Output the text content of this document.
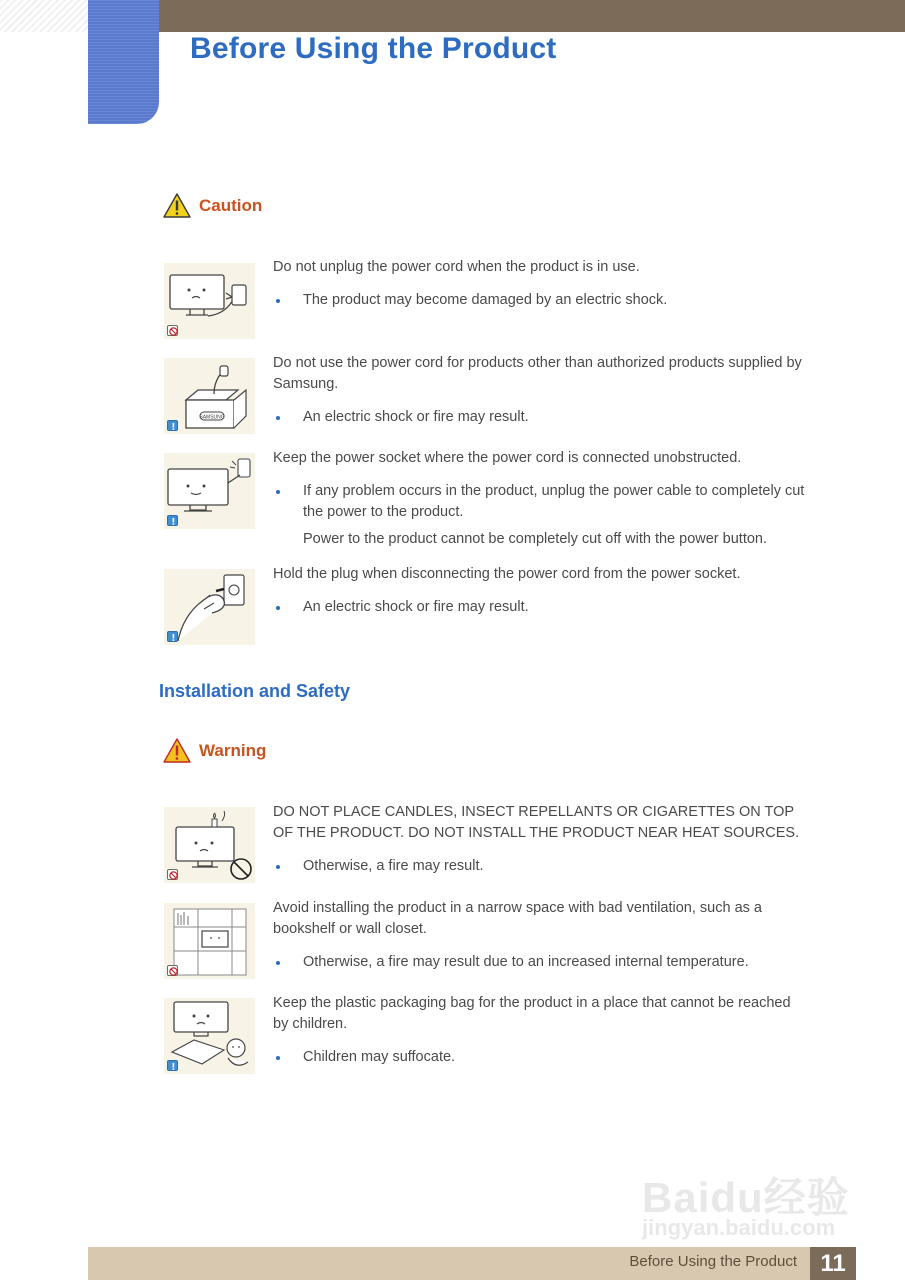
Before Using the Product
Caution

Do not unplug the power cord when the product is in use.

The product may become damaged by an electric shock.

SAMSUNG

Do not use the power cord for products other than authorized products supplied by Samsung.

An electric shock or fire may result.

Keep the power socket where the power cord is connected unobstructed.

If any problem occurs in the product, unplug the power cable to completely cut the power to the product.

Power to the product cannot be completely cut off with the power button.

Hold the plug when disconnecting the power cord from the power socket.

An electric shock or fire may result.

Installation and Safety
Warning

DO NOT PLACE CANDLES, INSECT REPELLANTS OR CIGARETTES ON TOP OF THE PRODUCT. DO NOT INSTALL THE PRODUCT NEAR HEAT SOURCES.

Otherwise, a fire may result.

Avoid installing the product in a narrow space with bad ventilation, such as a bookshelf or wall closet.

Otherwise, a fire may result due to an increased internal temperature.

Keep the plastic packaging bag for the product in a place that cannot be reached by children.

Children may suffocate.

Baidu经验
jingyan.baidu.com
Before Using the Product 11
